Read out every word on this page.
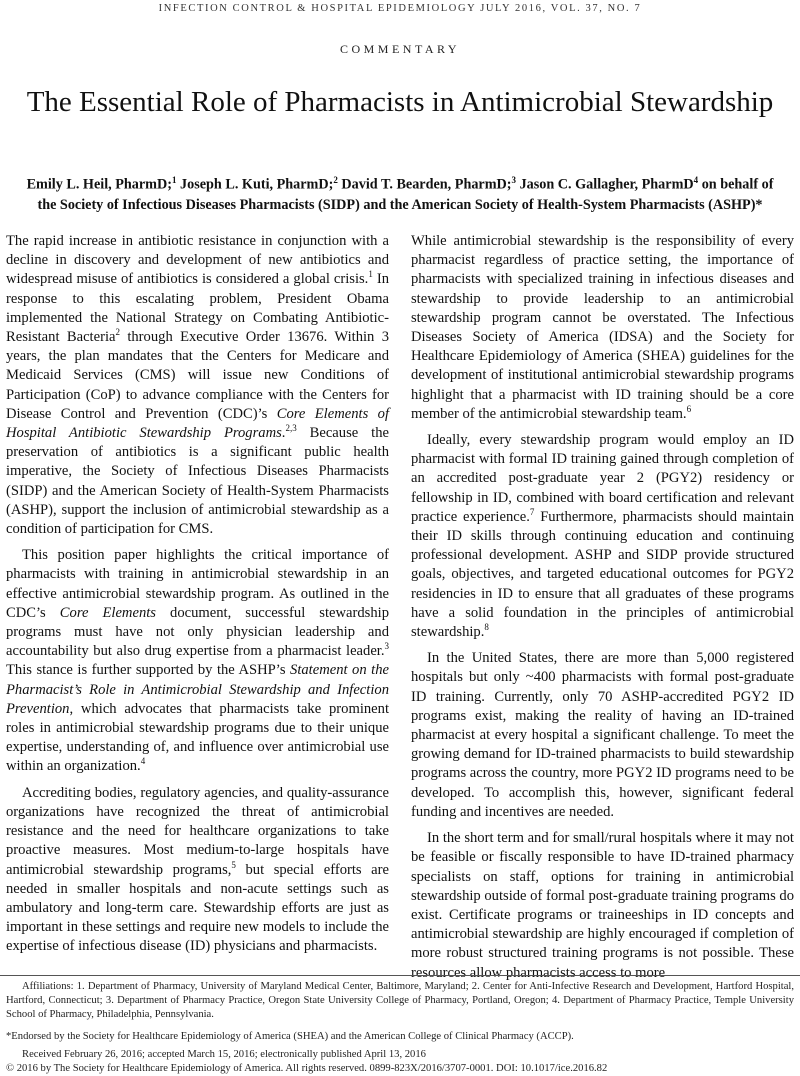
INFECTION CONTROL & HOSPITAL EPIDEMIOLOGY JULY 2016, VOL. 37, NO. 7
COMMENTARY
The Essential Role of Pharmacists in Antimicrobial Stewardship
Emily L. Heil, PharmD;$^1$ Joseph L. Kuti, PharmD;$^2$ David T. Bearden, PharmD;$^3$ Jason C. Gallagher, PharmD$^4$ on behalf of
the Society of Infectious Diseases Pharmacists (SIDP) and the American Society of Health-System Pharmacists (ASHP)*

The rapid increase in antibiotic resistance in conjunction with a decline in discovery and development of new antibiotics and widespread misuse of antibiotics is considered a global crisis.$^1$ In response to this escalating problem, President Obama implemented the National Strategy on Combating Antibiotic-Resistant Bacteria$^2$ through Executive Order 13676. Within 3 years, the plan mandates that the Centers for Medicare and Medicaid Services (CMS) will issue new Conditions of Participation (CoP) to advance compliance with the Centers for Disease Control and Prevention (CDC)’s Core Elements of Hospital Antibiotic Stewardship Programs.$^{2,3}$ Because the preservation of antibiotics is a significant public health imperative, the Society of Infectious Diseases Pharmacists (SIDP) and the American Society of Health-System Pharmacists (ASHP), support the inclusion of antimicrobial stewardship as a condition of participation for CMS.

This position paper highlights the critical importance of pharmacists with training in antimicrobial stewardship in an effective antimicrobial stewardship program. As outlined in the CDC’s Core Elements document, successful stewardship programs must have not only physician leadership and accountability but also drug expertise from a pharmacist leader.$^3$ This stance is further supported by the ASHP’s Statement on the Pharmacist’s Role in Antimicrobial Stewardship and Infection Prevention, which advocates that pharmacists take prominent roles in antimicrobial stewardship programs due to their unique expertise, understanding of, and influence over antimicrobial use within an organization.$^4$

Accrediting bodies, regulatory agencies, and quality-assurance organizations have recognized the threat of antimicrobial resistance and the need for healthcare organizations to take proactive measures. Most medium-to-large hospitals have antimicrobial stewardship programs,$^5$ but special efforts are needed in smaller hospitals and non-acute settings such as ambulatory and long-term care. Stewardship efforts are just as important in these settings and require new models to include the expertise of infectious disease (ID) physicians and pharmacists.

While antimicrobial stewardship is the responsibility of every pharmacist regardless of practice setting, the importance of pharmacists with specialized training in infectious diseases and stewardship to provide leadership to an antimicrobial stewardship program cannot be overstated. The Infectious Diseases Society of America (IDSA) and the Society for Healthcare Epidemiology of America (SHEA) guidelines for the development of institutional antimicrobial stewardship programs highlight that a pharmacist with ID training should be a core member of the antimicrobial stewardship team.$^6$

Ideally, every stewardship program would employ an ID pharmacist with formal ID training gained through completion of an accredited post-graduate year 2 (PGY2) residency or fellowship in ID, combined with board certification and relevant practice experience.$^7$ Furthermore, pharmacists should maintain their ID skills through continuing education and continuing professional development. ASHP and SIDP provide structured goals, objectives, and targeted educational outcomes for PGY2 residencies in ID to ensure that all graduates of these programs have a solid foundation in the principles of antimicrobial stewardship.$^8$

In the United States, there are more than 5,000 registered hospitals but only ~400 pharmacists with formal post-graduate ID training. Currently, only 70 ASHP-accredited PGY2 ID programs exist, making the reality of having an ID-trained pharmacist at every hospital a significant challenge. To meet the growing demand for ID-trained pharmacists to build stewardship programs across the country, more PGY2 ID programs need to be developed. To accomplish this, however, significant federal funding and incentives are needed.

In the short term and for small/rural hospitals where it may not be feasible or fiscally responsible to have ID-trained pharmacy specialists on staff, options for training in antimicrobial stewardship outside of formal post-graduate training programs do exist. Certificate programs or traineeships in ID concepts and antimicrobial stewardship are highly encouraged if completion of more robust structured training programs is not possible. These resources allow pharmacists access to more

Affiliations: 1. Department of Pharmacy, University of Maryland Medical Center, Baltimore, Maryland; 2. Center for Anti-Infective Research and Development, Hartford Hospital, Hartford, Connecticut; 3. Department of Pharmacy Practice, Oregon State University College of Pharmacy, Portland, Oregon; 4. Department of Pharmacy Practice, Temple University School of Pharmacy, Philadelphia, Pennsylvania.

*Endorsed by the Society for Healthcare Epidemiology of America (SHEA) and the American College of Clinical Pharmacy (ACCP).

Received February 26, 2016; accepted March 15, 2016; electronically published April 13, 2016

© 2016 by The Society for Healthcare Epidemiology of America. All rights reserved. 0899-823X/2016/3707-0001. DOI: 10.1017/ice.2016.82
